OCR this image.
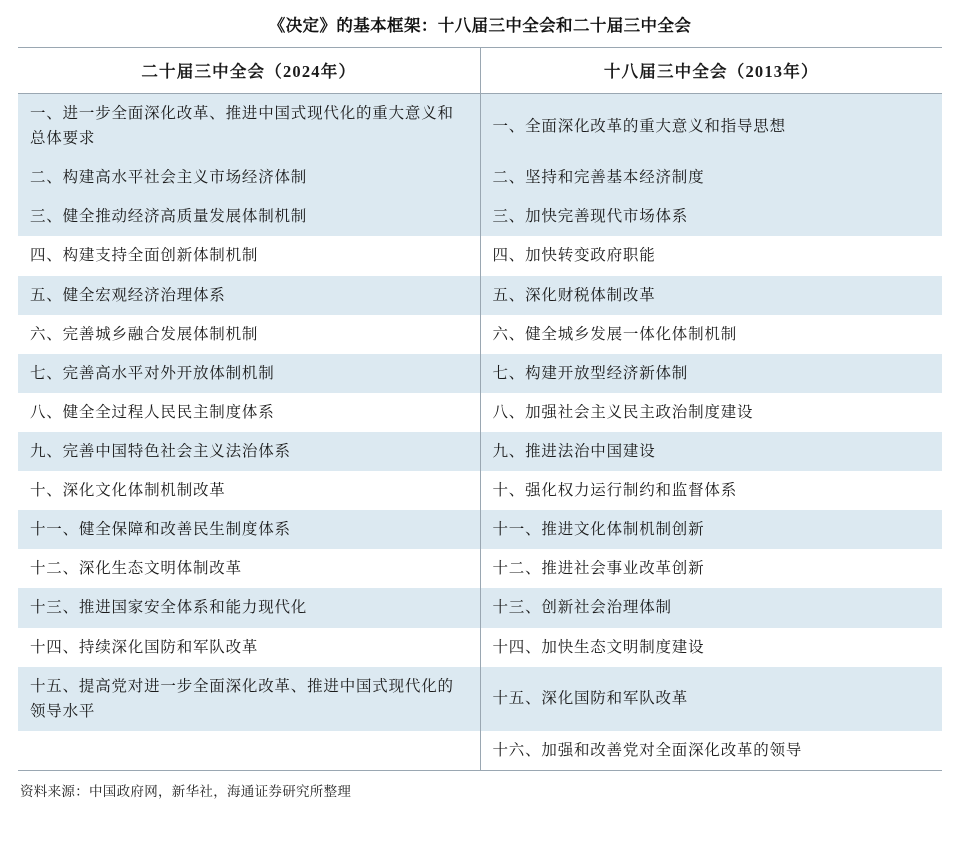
《决定》的基本框架：十八届三中全会和二十届三中全会
二十届三中全会（2024年）	十八届三中全会（2013年）
一、进一步全面深化改革、推进中国式现代化的重大意义和总体要求	一、全面深化改革的重大意义和指导思想
二、构建高水平社会主义市场经济体制	二、坚持和完善基本经济制度
三、健全推动经济高质量发展体制机制	三、加快完善现代市场体系
四、构建支持全面创新体制机制	四、加快转变政府职能
五、健全宏观经济治理体系	五、深化财税体制改革
六、完善城乡融合发展体制机制	六、健全城乡发展一体化体制机制
七、完善高水平对外开放体制机制	七、构建开放型经济新体制
八、健全全过程人民民主制度体系	八、加强社会主义民主政治制度建设
九、完善中国特色社会主义法治体系	九、推进法治中国建设
十、深化文化体制机制改革	十、强化权力运行制约和监督体系
十一、健全保障和改善民生制度体系	十一、推进文化体制机制创新
十二、深化生态文明体制改革	十二、推进社会事业改革创新
十三、推进国家安全体系和能力现代化	十三、创新社会治理体制
十四、持续深化国防和军队改革	十四、加快生态文明制度建设
十五、提高党对进一步全面深化改革、推进中国式现代化的领导水平	十五、深化国防和军队改革
	十六、加强和改善党对全面深化改革的领导
资料来源：中国政府网，新华社，海通证券研究所整理
